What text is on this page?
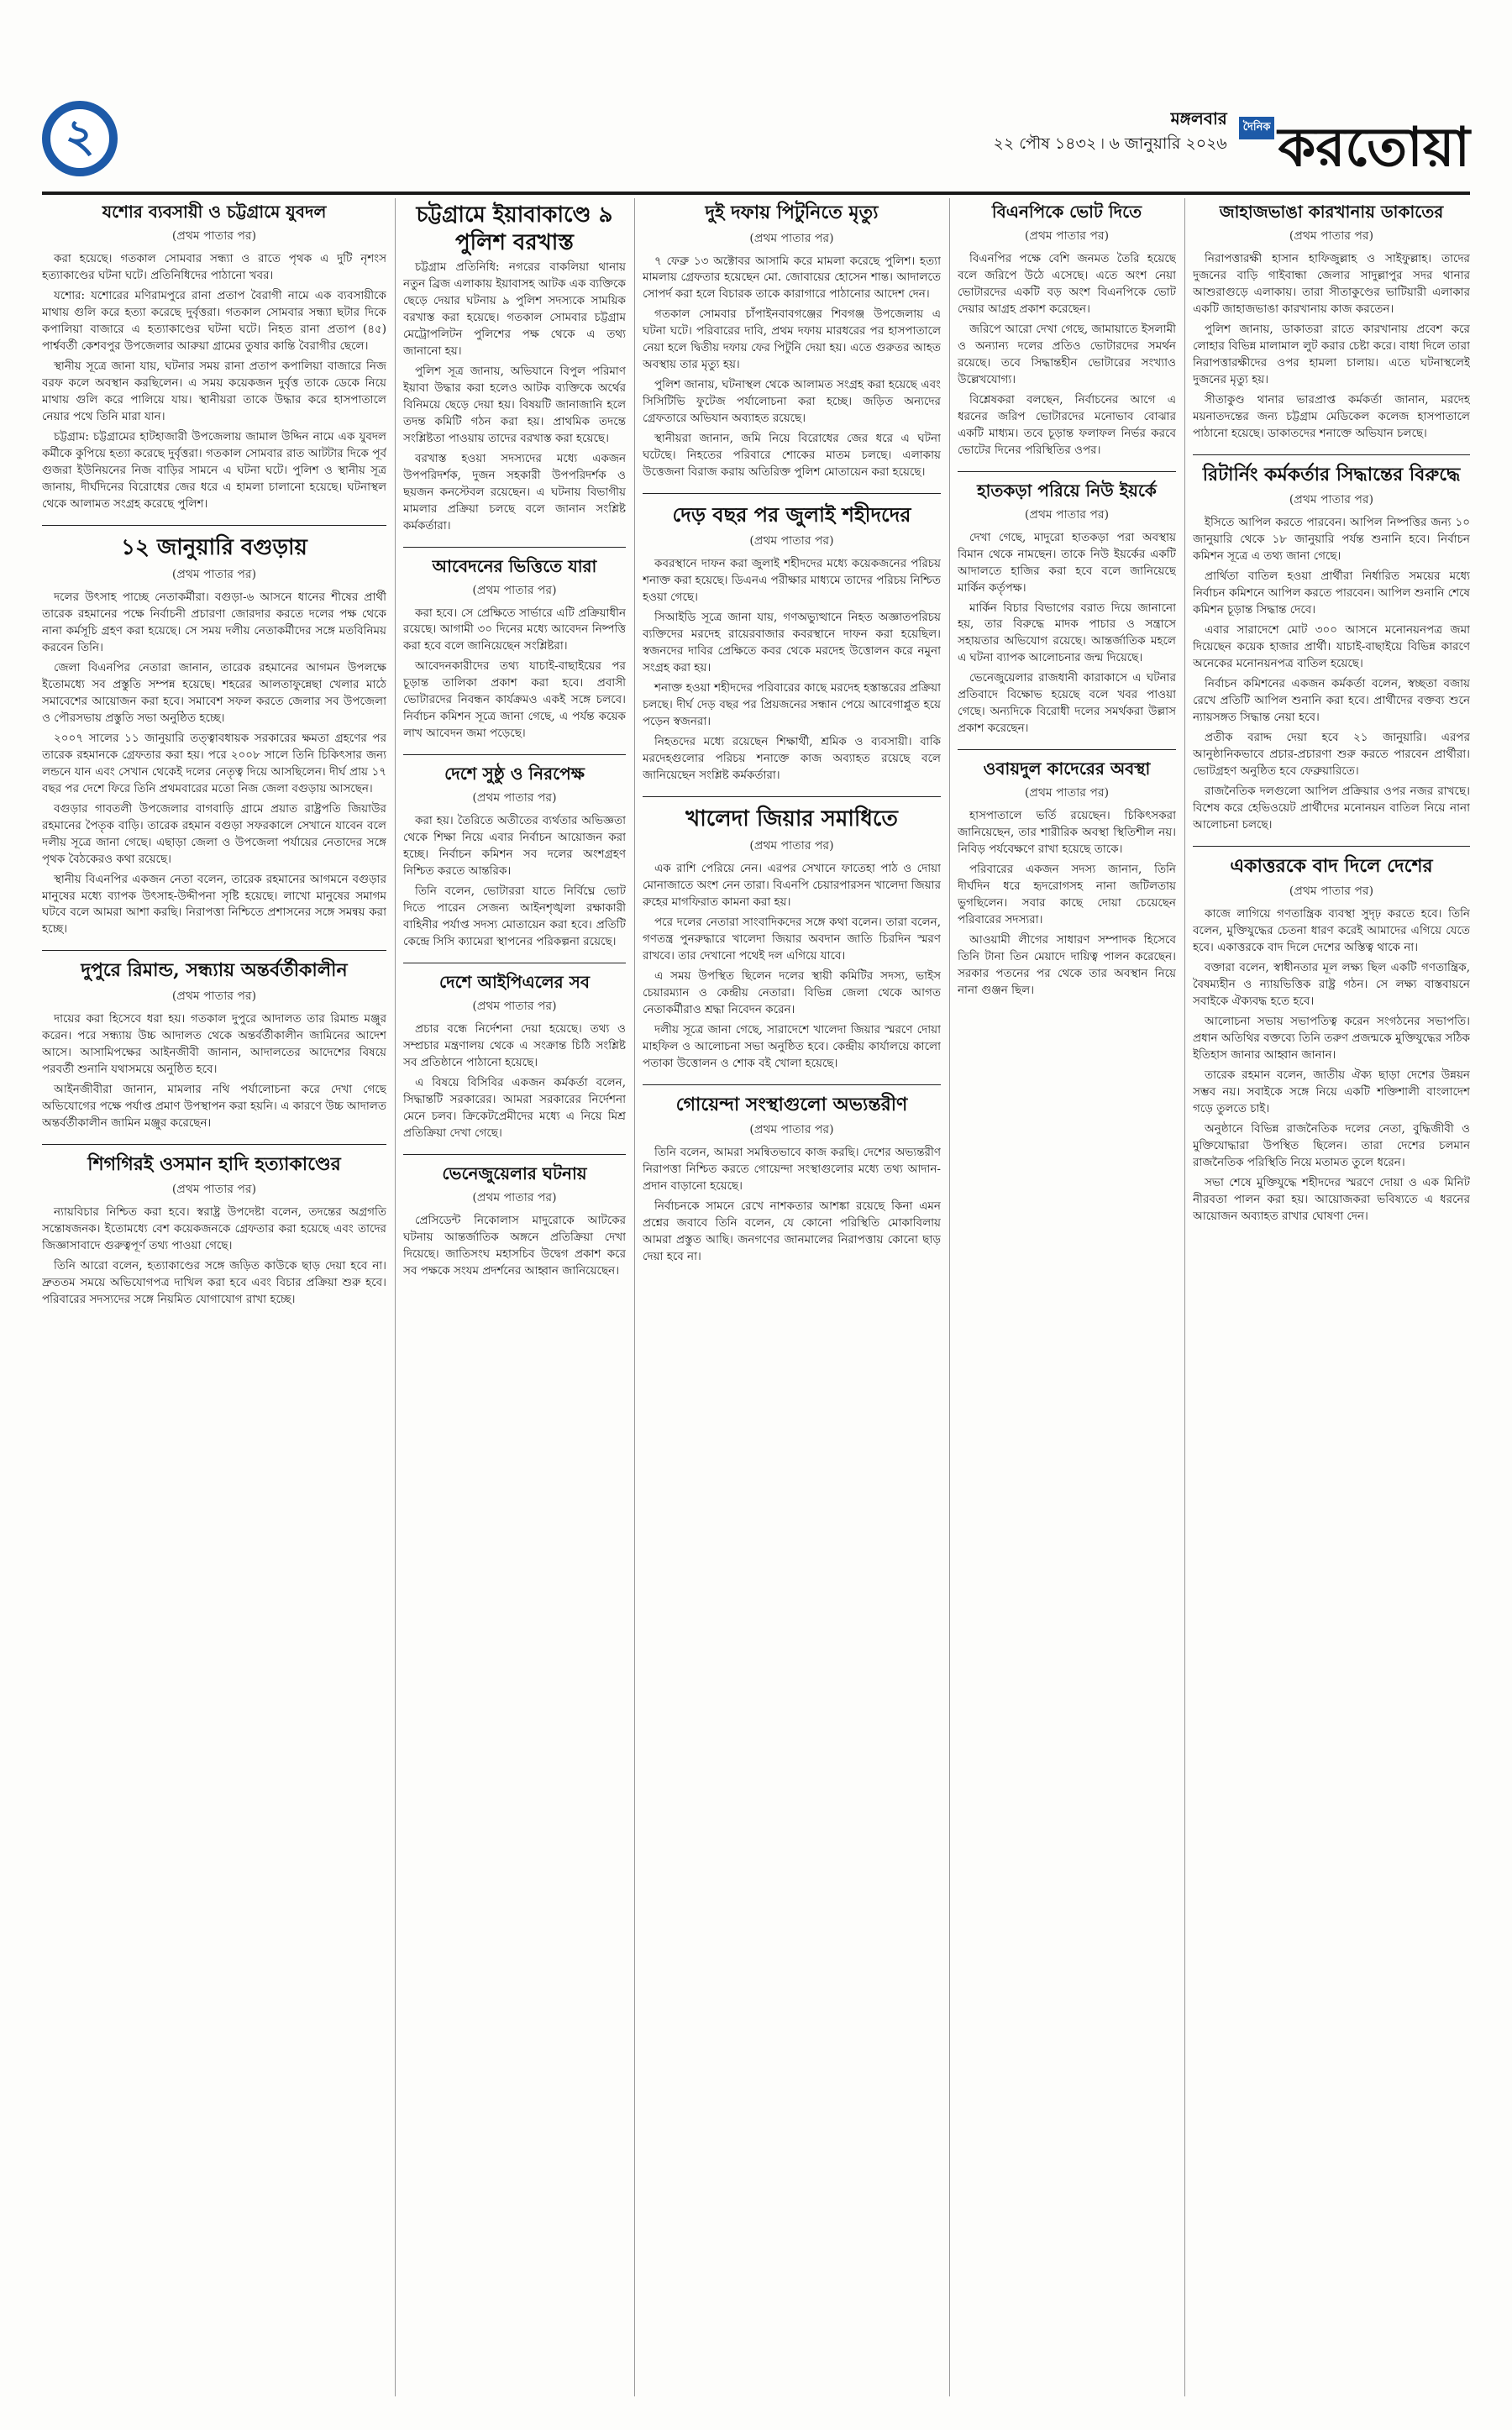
২	মঙ্গলবার
২২ পৌষ ১৪৩২ ৷ ৬ জানুয়ারি ২০২৬
দৈনিক করতোয়া
যশোর ব্যবসায়ী ও চট্টগ্রামে যুবদল
(প্রথম পাতার পর)

করা হয়েছে। গতকাল সোমবার সন্ধ্যা ও রাতে পৃথক এ দুটি নৃশংস হত্যাকাণ্ডের ঘটনা ঘটে। প্রতিনিধিদের পাঠানো খবর।

যশোর: যশোরের মণিরামপুরে রানা প্রতাপ বৈরাগী নামে এক ব্যবসায়ীকে মাথায় গুলি করে হত্যা করেছে দুর্বৃত্তরা। গতকাল সোমবার সন্ধ্যা ছটার দিকে কপালিয়া বাজারে এ হত্যাকাণ্ডের ঘটনা ঘটে। নিহত রানা প্রতাপ (৪৫) পার্শ্ববর্তী কেশবপুর উপজেলার আরুয়া গ্রামের তুষার কান্তি বৈরাগীর ছেলে।

স্থানীয় সূত্রে জানা যায়, ঘটনার সময় রানা প্রতাপ কপালিয়া বাজারে নিজ বরফ কলে অবস্থান করছিলেন। এ সময় কয়েকজন দুর্বৃত্ত তাকে ডেকে নিয়ে মাথায় গুলি করে পালিয়ে যায়। স্থানীয়রা তাকে উদ্ধার করে হাসপাতালে নেয়ার পথে তিনি মারা যান।

চট্টগ্রাম: চট্টগ্রামের হাটহাজারী উপজেলায় জামাল উদ্দিন নামে এক যুবদল কর্মীকে কুপিয়ে হত্যা করেছে দুর্বৃত্তরা। গতকাল সোমবার রাত আটটার দিকে পূর্ব গুজরা ইউনিয়নের নিজ বাড়ির সামনে এ ঘটনা ঘটে। পুলিশ ও স্থানীয় সূত্র জানায়, দীর্ঘদিনের বিরোধের জের ধরে এ হামলা চালানো হয়েছে। ঘটনাস্থল থেকে আলামত সংগ্রহ করেছে পুলিশ।

১২ জানুয়ারি বগুড়ায়
(প্রথম পাতার পর)

দলের উৎসাহ পাচ্ছে নেতাকর্মীরা। বগুড়া-৬ আসনে ধানের শীষের প্রার্থী তারেক রহমানের পক্ষে নির্বাচনী প্রচারণা জোরদার করতে দলের পক্ষ থেকে নানা কর্মসূচি গ্রহণ করা হয়েছে। সে সময় দলীয় নেতাকর্মীদের সঙ্গে মতবিনিময় করবেন তিনি।

জেলা বিএনপির নেতারা জানান, তারেক রহমানের আগমন উপলক্ষে ইতোমধ্যে সব প্রস্তুতি সম্পন্ন হয়েছে। শহরের আলতাফুন্নেছা খেলার মাঠে সমাবেশের আয়োজন করা হবে। সমাবেশ সফল করতে জেলার সব উপজেলা ও পৌরসভায় প্রস্তুতি সভা অনুষ্ঠিত হচ্ছে।

২০০৭ সালের ১১ জানুয়ারি তত্ত্বাবধায়ক সরকারের ক্ষমতা গ্রহণের পর তারেক রহমানকে গ্রেফতার করা হয়। পরে ২০০৮ সালে তিনি চিকিৎসার জন্য লন্ডনে যান এবং সেখান থেকেই দলের নেতৃত্ব দিয়ে আসছিলেন। দীর্ঘ প্রায় ১৭ বছর পর দেশে ফিরে তিনি প্রথমবারের মতো নিজ জেলা বগুড়ায় আসছেন।

বগুড়ার গাবতলী উপজেলার বাগবাড়ি গ্রামে প্রয়াত রাষ্ট্রপতি জিয়াউর রহমানের পৈতৃক বাড়ি। তারেক রহমান বগুড়া সফরকালে সেখানে যাবেন বলে দলীয় সূত্রে জানা গেছে। এছাড়া জেলা ও উপজেলা পর্যায়ের নেতাদের সঙ্গে পৃথক বৈঠকেরও কথা রয়েছে।

স্থানীয় বিএনপির একজন নেতা বলেন, তারেক রহমানের আগমনে বগুড়ার মানুষের মধ্যে ব্যাপক উৎসাহ-উদ্দীপনা সৃষ্টি হয়েছে। লাখো মানুষের সমাগম ঘটবে বলে আমরা আশা করছি। নিরাপত্তা নিশ্চিতে প্রশাসনের সঙ্গে সমন্বয় করা হচ্ছে।

দুপুরে রিমান্ড, সন্ধ্যায় অন্তর্বর্তীকালীন
(প্রথম পাতার পর)

দায়ের করা হিসেবে ধরা হয়। গতকাল দুপুরে আদালত তার রিমান্ড মঞ্জুর করেন। পরে সন্ধ্যায় উচ্চ আদালত থেকে অন্তর্বর্তীকালীন জামিনের আদেশ আসে। আসামিপক্ষের আইনজীবী জানান, আদালতের আদেশের বিষয়ে পরবর্তী শুনানি যথাসময়ে অনুষ্ঠিত হবে।

আইনজীবীরা জানান, মামলার নথি পর্যালোচনা করে দেখা গেছে অভিযোগের পক্ষে পর্যাপ্ত প্রমাণ উপস্থাপন করা হয়নি। এ কারণে উচ্চ আদালত অন্তর্বর্তীকালীন জামিন মঞ্জুর করেছেন।

শিগগিরই ওসমান হাদি হত্যাকাণ্ডের
(প্রথম পাতার পর)

ন্যায়বিচার নিশ্চিত করা হবে। স্বরাষ্ট্র উপদেষ্টা বলেন, তদন্তের অগ্রগতি সন্তোষজনক। ইতোমধ্যে বেশ কয়েকজনকে গ্রেফতার করা হয়েছে এবং তাদের জিজ্ঞাসাবাদে গুরুত্বপূর্ণ তথ্য পাওয়া গেছে।

তিনি আরো বলেন, হত্যাকাণ্ডের সঙ্গে জড়িত কাউকে ছাড় দেয়া হবে না। দ্রুততম সময়ে অভিযোগপত্র দাখিল করা হবে এবং বিচার প্রক্রিয়া শুরু হবে। পরিবারের সদস্যদের সঙ্গে নিয়মিত যোগাযোগ রাখা হচ্ছে।

চট্টগ্রামে ইয়াবাকাণ্ডে ৯ পুলিশ বরখাস্ত

চট্টগ্রাম প্রতিনিধি: নগরের বাকলিয়া থানায় নতুন ব্রিজ এলাকায় ইয়াবাসহ আটক এক ব্যক্তিকে ছেড়ে দেয়ার ঘটনায় ৯ পুলিশ সদস্যকে সাময়িক বরখাস্ত করা হয়েছে। গতকাল সোমবার চট্টগ্রাম মেট্রোপলিটন পুলিশের পক্ষ থেকে এ তথ্য জানানো হয়।

পুলিশ সূত্র জানায়, অভিযানে বিপুল পরিমাণ ইয়াবা উদ্ধার করা হলেও আটক ব্যক্তিকে অর্থের বিনিময়ে ছেড়ে দেয়া হয়। বিষয়টি জানাজানি হলে তদন্ত কমিটি গঠন করা হয়। প্রাথমিক তদন্তে সংশ্লিষ্টতা পাওয়ায় তাদের বরখাস্ত করা হয়েছে।

বরখাস্ত হওয়া সদস্যদের মধ্যে একজন উপপরিদর্শক, দুজন সহকারী উপপরিদর্শক ও ছয়জন কনস্টেবল রয়েছেন। এ ঘটনায় বিভাগীয় মামলার প্রক্রিয়া চলছে বলে জানান সংশ্লিষ্ট কর্মকর্তারা।

আবেদনের ভিত্তিতে যারা
(প্রথম পাতার পর)

করা হবে। সে প্রেক্ষিতে সার্ভারে এটি প্রক্রিয়াধীন রয়েছে। আগামী ৩০ দিনের মধ্যে আবেদন নিষ্পত্তি করা হবে বলে জানিয়েছেন সংশ্লিষ্টরা।

আবেদনকারীদের তথ্য যাচাই-বাছাইয়ের পর চূড়ান্ত তালিকা প্রকাশ করা হবে। প্রবাসী ভোটারদের নিবন্ধন কার্যক্রমও একই সঙ্গে চলবে। নির্বাচন কমিশন সূত্রে জানা গেছে, এ পর্যন্ত কয়েক লাখ আবেদন জমা পড়েছে।

দেশে সুষ্ঠু ও নিরপেক্ষ
(প্রথম পাতার পর)

করা হয়। তৈরিতে অতীতের ব্যর্থতার অভিজ্ঞতা থেকে শিক্ষা নিয়ে এবার নির্বাচন আয়োজন করা হচ্ছে। নির্বাচন কমিশন সব দলের অংশগ্রহণ নিশ্চিত করতে আন্তরিক।

তিনি বলেন, ভোটাররা যাতে নির্বিঘ্নে ভোট দিতে পারেন সেজন্য আইনশৃঙ্খলা রক্ষাকারী বাহিনীর পর্যাপ্ত সদস্য মোতায়েন করা হবে। প্রতিটি কেন্দ্রে সিসি ক্যামেরা স্থাপনের পরিকল্পনা রয়েছে।

দেশে আইপিএলের সব
(প্রথম পাতার পর)

প্রচার বন্ধে নির্দেশনা দেয়া হয়েছে। তথ্য ও সম্প্রচার মন্ত্রণালয় থেকে এ সংক্রান্ত চিঠি সংশ্লিষ্ট সব প্রতিষ্ঠানে পাঠানো হয়েছে।

এ বিষয়ে বিসিবির একজন কর্মকর্তা বলেন, সিদ্ধান্তটি সরকারের। আমরা সরকারের নির্দেশনা মেনে চলব। ক্রিকেটপ্রেমীদের মধ্যে এ নিয়ে মিশ্র প্রতিক্রিয়া দেখা গেছে।

ভেনেজুয়েলার ঘটনায়
(প্রথম পাতার পর)

প্রেসিডেন্ট নিকোলাস মাদুরোকে আটকের ঘটনায় আন্তর্জাতিক অঙ্গনে প্রতিক্রিয়া দেখা দিয়েছে। জাতিসংঘ মহাসচিব উদ্বেগ প্রকাশ করে সব পক্ষকে সংযম প্রদর্শনের আহ্বান জানিয়েছেন।

দুই দফায় পিটুনিতে মৃত্যু
(প্রথম পাতার পর)

৭ ফেব্রু ১৩ অক্টোবর আসামি করে মামলা করেছে পুলিশ। হত্যা মামলায় গ্রেফতার হয়েছেন মো. জোবায়ের হোসেন শান্ত। আদালতে সোপর্দ করা হলে বিচারক তাকে কারাগারে পাঠানোর আদেশ দেন।

গতকাল সোমবার চাঁপাইনবাবগঞ্জের শিবগঞ্জ উপজেলায় এ ঘটনা ঘটে। পরিবারের দাবি, প্রথম দফায় মারধরের পর হাসপাতালে নেয়া হলে দ্বিতীয় দফায় ফের পিটুনি দেয়া হয়। এতে গুরুতর আহত অবস্থায় তার মৃত্যু হয়।

পুলিশ জানায়, ঘটনাস্থল থেকে আলামত সংগ্রহ করা হয়েছে এবং সিসিটিভি ফুটেজ পর্যালোচনা করা হচ্ছে। জড়িত অন্যদের গ্রেফতারে অভিযান অব্যাহত রয়েছে।

স্থানীয়রা জানান, জমি নিয়ে বিরোধের জের ধরে এ ঘটনা ঘটেছে। নিহতের পরিবারে শোকের মাতম চলছে। এলাকায় উত্তেজনা বিরাজ করায় অতিরিক্ত পুলিশ মোতায়েন করা হয়েছে।

দেড় বছর পর জুলাই শহীদদের
(প্রথম পাতার পর)

কবরস্থানে দাফন করা জুলাই শহীদদের মধ্যে কয়েকজনের পরিচয় শনাক্ত করা হয়েছে। ডিএনএ পরীক্ষার মাধ্যমে তাদের পরিচয় নিশ্চিত হওয়া গেছে।

সিআইডি সূত্রে জানা যায়, গণঅভ্যুত্থানে নিহত অজ্ঞাতপরিচয় ব্যক্তিদের মরদেহ রায়েরবাজার কবরস্থানে দাফন করা হয়েছিল। স্বজনদের দাবির প্রেক্ষিতে কবর থেকে মরদেহ উত্তোলন করে নমুনা সংগ্রহ করা হয়।

শনাক্ত হওয়া শহীদদের পরিবারের কাছে মরদেহ হস্তান্তরের প্রক্রিয়া চলছে। দীর্ঘ দেড় বছর পর প্রিয়জনের সন্ধান পেয়ে আবেগাপ্লুত হয়ে পড়েন স্বজনরা।

নিহতদের মধ্যে রয়েছেন শিক্ষার্থী, শ্রমিক ও ব্যবসায়ী। বাকি মরদেহগুলোর পরিচয় শনাক্তে কাজ অব্যাহত রয়েছে বলে জানিয়েছেন সংশ্লিষ্ট কর্মকর্তারা।

খালেদা জিয়ার সমাধিতে
(প্রথম পাতার পর)

এক রাশি পেরিয়ে নেন। এরপর সেখানে ফাতেহা পাঠ ও দোয়া মোনাজাতে অংশ নেন তারা। বিএনপি চেয়ারপারসন খালেদা জিয়ার রুহের মাগফিরাত কামনা করা হয়।

পরে দলের নেতারা সাংবাদিকদের সঙ্গে কথা বলেন। তারা বলেন, গণতন্ত্র পুনরুদ্ধারে খালেদা জিয়ার অবদান জাতি চিরদিন স্মরণ রাখবে। তার দেখানো পথেই দল এগিয়ে যাবে।

এ সময় উপস্থিত ছিলেন দলের স্থায়ী কমিটির সদস্য, ভাইস চেয়ারম্যান ও কেন্দ্রীয় নেতারা। বিভিন্ন জেলা থেকে আগত নেতাকর্মীরাও শ্রদ্ধা নিবেদন করেন।

দলীয় সূত্রে জানা গেছে, সারাদেশে খালেদা জিয়ার স্মরণে দোয়া মাহফিল ও আলোচনা সভা অনুষ্ঠিত হবে। কেন্দ্রীয় কার্যালয়ে কালো পতাকা উত্তোলন ও শোক বই খোলা হয়েছে।

গোয়েন্দা সংস্থাগুলো অভ্যন্তরীণ
(প্রথম পাতার পর)

তিনি বলেন, আমরা সমন্বিতভাবে কাজ করছি। দেশের অভ্যন্তরীণ নিরাপত্তা নিশ্চিত করতে গোয়েন্দা সংস্থাগুলোর মধ্যে তথ্য আদান-প্রদান বাড়ানো হয়েছে।

নির্বাচনকে সামনে রেখে নাশকতার আশঙ্কা রয়েছে কিনা এমন প্রশ্নের জবাবে তিনি বলেন, যে কোনো পরিস্থিতি মোকাবিলায় আমরা প্রস্তুত আছি। জনগণের জানমালের নিরাপত্তায় কোনো ছাড় দেয়া হবে না।

বিএনপিকে ভোট দিতে
(প্রথম পাতার পর)

বিএনপির পক্ষে বেশি জনমত তৈরি হয়েছে বলে জরিপে উঠে এসেছে। এতে অংশ নেয়া ভোটারদের একটি বড় অংশ বিএনপিকে ভোট দেয়ার আগ্রহ প্রকাশ করেছেন।

জরিপে আরো দেখা গেছে, জামায়াতে ইসলামী ও অন্যান্য দলের প্রতিও ভোটারদের সমর্থন রয়েছে। তবে সিদ্ধান্তহীন ভোটারের সংখ্যাও উল্লেখযোগ্য।

বিশ্লেষকরা বলছেন, নির্বাচনের আগে এ ধরনের জরিপ ভোটারদের মনোভাব বোঝার একটি মাধ্যম। তবে চূড়ান্ত ফলাফল নির্ভর করবে ভোটের দিনের পরিস্থিতির ওপর।

হাতকড়া পরিয়ে নিউ ইয়র্কে
(প্রথম পাতার পর)

দেখা গেছে, মাদুরো হাতকড়া পরা অবস্থায় বিমান থেকে নামছেন। তাকে নিউ ইয়র্কের একটি আদালতে হাজির করা হবে বলে জানিয়েছে মার্কিন কর্তৃপক্ষ।

মার্কিন বিচার বিভাগের বরাত দিয়ে জানানো হয়, তার বিরুদ্ধে মাদক পাচার ও সন্ত্রাসে সহায়তার অভিযোগ রয়েছে। আন্তর্জাতিক মহলে এ ঘটনা ব্যাপক আলোচনার জন্ম দিয়েছে।

ভেনেজুয়েলার রাজধানী কারাকাসে এ ঘটনার প্রতিবাদে বিক্ষোভ হয়েছে বলে খবর পাওয়া গেছে। অন্যদিকে বিরোধী দলের সমর্থকরা উল্লাস প্রকাশ করেছেন।

ওবায়দুল কাদেরের অবস্থা
(প্রথম পাতার পর)

হাসপাতালে ভর্তি রয়েছেন। চিকিৎসকরা জানিয়েছেন, তার শারীরিক অবস্থা স্থিতিশীল নয়। নিবিড় পর্যবেক্ষণে রাখা হয়েছে তাকে।

পরিবারের একজন সদস্য জানান, তিনি দীর্ঘদিন ধরে হৃদরোগসহ নানা জটিলতায় ভুগছিলেন। সবার কাছে দোয়া চেয়েছেন পরিবারের সদস্যরা।

আওয়ামী লীগের সাধারণ সম্পাদক হিসেবে তিনি টানা তিন মেয়াদে দায়িত্ব পালন করেছেন। সরকার পতনের পর থেকে তার অবস্থান নিয়ে নানা গুঞ্জন ছিল।

জাহাজভাঙা কারখানায় ডাকাতের
(প্রথম পাতার পর)

নিরাপত্তারক্ষী হাসান হাফিজুল্লাহ ও সাইফুল্লাহ। তাদের দুজনের বাড়ি গাইবান্ধা জেলার সাদুল্লাপুর সদর থানার আশুরাগুড়ে এলাকায়। তারা সীতাকুণ্ডের ভাটিয়ারী এলাকার একটি জাহাজভাঙা কারখানায় কাজ করতেন।

পুলিশ জানায়, ডাকাতরা রাতে কারখানায় প্রবেশ করে লোহার বিভিন্ন মালামাল লুট করার চেষ্টা করে। বাধা দিলে তারা নিরাপত্তারক্ষীদের ওপর হামলা চালায়। এতে ঘটনাস্থলেই দুজনের মৃত্যু হয়।

সীতাকুণ্ড থানার ভারপ্রাপ্ত কর্মকর্তা জানান, মরদেহ ময়নাতদন্তের জন্য চট্টগ্রাম মেডিকেল কলেজ হাসপাতালে পাঠানো হয়েছে। ডাকাতদের শনাক্তে অভিযান চলছে।

রিটার্নিং কর্মকর্তার সিদ্ধান্তের বিরুদ্ধে
(প্রথম পাতার পর)

ইসিতে আপিল করতে পারবেন। আপিল নিষ্পত্তির জন্য ১০ জানুয়ারি থেকে ১৮ জানুয়ারি পর্যন্ত শুনানি হবে। নির্বাচন কমিশন সূত্রে এ তথ্য জানা গেছে।

প্রার্থিতা বাতিল হওয়া প্রার্থীরা নির্ধারিত সময়ের মধ্যে নির্বাচন কমিশনে আপিল করতে পারবেন। আপিল শুনানি শেষে কমিশন চূড়ান্ত সিদ্ধান্ত দেবে।

এবার সারাদেশে মোট ৩০০ আসনে মনোনয়নপত্র জমা দিয়েছেন কয়েক হাজার প্রার্থী। যাচাই-বাছাইয়ে বিভিন্ন কারণে অনেকের মনোনয়নপত্র বাতিল হয়েছে।

নির্বাচন কমিশনের একজন কর্মকর্তা বলেন, স্বচ্ছতা বজায় রেখে প্রতিটি আপিল শুনানি করা হবে। প্রার্থীদের বক্তব্য শুনে ন্যায়সঙ্গত সিদ্ধান্ত নেয়া হবে।

প্রতীক বরাদ্দ দেয়া হবে ২১ জানুয়ারি। এরপর আনুষ্ঠানিকভাবে প্রচার-প্রচারণা শুরু করতে পারবেন প্রার্থীরা। ভোটগ্রহণ অনুষ্ঠিত হবে ফেব্রুয়ারিতে।

রাজনৈতিক দলগুলো আপিল প্রক্রিয়ার ওপর নজর রাখছে। বিশেষ করে হেভিওয়েট প্রার্থীদের মনোনয়ন বাতিল নিয়ে নানা আলোচনা চলছে।

একাত্তরকে বাদ দিলে দেশের
(প্রথম পাতার পর)

কাজে লাগিয়ে গণতান্ত্রিক ব্যবস্থা সুদৃঢ় করতে হবে। তিনি বলেন, মুক্তিযুদ্ধের চেতনা ধারণ করেই আমাদের এগিয়ে যেতে হবে। একাত্তরকে বাদ দিলে দেশের অস্তিত্ব থাকে না।

বক্তারা বলেন, স্বাধীনতার মূল লক্ষ্য ছিল একটি গণতান্ত্রিক, বৈষম্যহীন ও ন্যায়ভিত্তিক রাষ্ট্র গঠন। সে লক্ষ্য বাস্তবায়নে সবাইকে ঐক্যবদ্ধ হতে হবে।

আলোচনা সভায় সভাপতিত্ব করেন সংগঠনের সভাপতি। প্রধান অতিথির বক্তব্যে তিনি তরুণ প্রজন্মকে মুক্তিযুদ্ধের সঠিক ইতিহাস জানার আহ্বান জানান।

তারেক রহমান বলেন, জাতীয় ঐক্য ছাড়া দেশের উন্নয়ন সম্ভব নয়। সবাইকে সঙ্গে নিয়ে একটি শক্তিশালী বাংলাদেশ গড়ে তুলতে চাই।

অনুষ্ঠানে বিভিন্ন রাজনৈতিক দলের নেতা, বুদ্ধিজীবী ও মুক্তিযোদ্ধারা উপস্থিত ছিলেন। তারা দেশের চলমান রাজনৈতিক পরিস্থিতি নিয়ে মতামত তুলে ধরেন।

সভা শেষে মুক্তিযুদ্ধে শহীদদের স্মরণে দোয়া ও এক মিনিট নীরবতা পালন করা হয়। আয়োজকরা ভবিষ্যতে এ ধরনের আয়োজন অব্যাহত রাখার ঘোষণা দেন।
